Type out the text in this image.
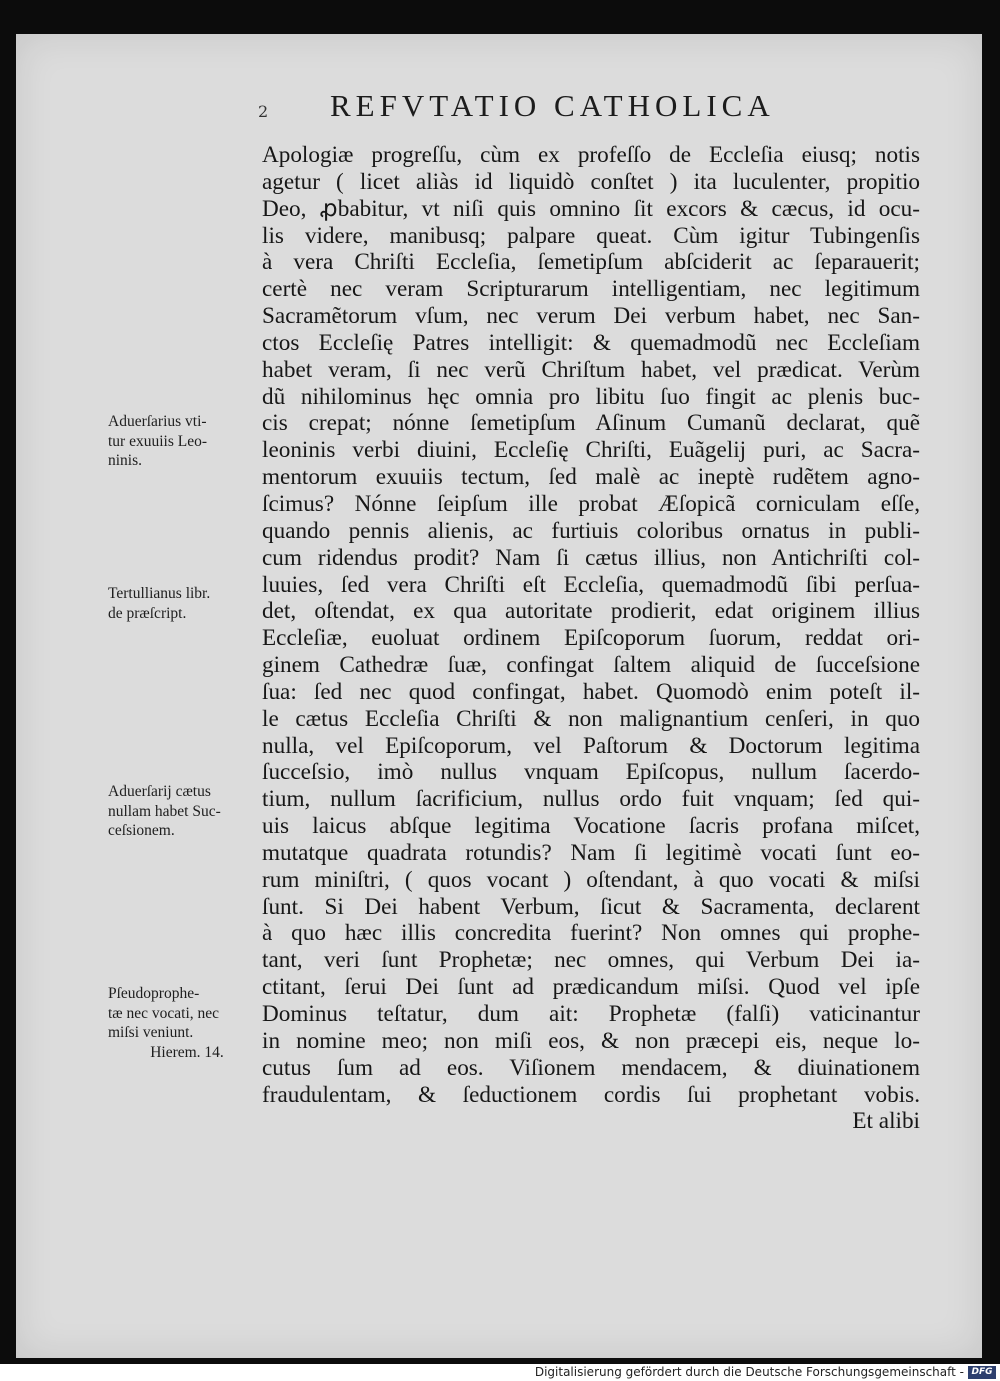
2 REFVTATIO CATHOLICA
Apologiæ progreſſu, cùm ex profeſſo de Eccleſia eiusq; notis
agetur ( licet aliàs id liquidò conſtet ) ita luculenter, propitio
Deo, ꝓbabitur, vt niſi quis omnino ſit excors & cæcus, id ocu-
lis videre, manibusq; palpare queat. Cùm igitur Tubingenſis
à vera Chriſti Eccleſia, ſemetipſum abſciderit ac ſeparauerit;
certè nec veram Scripturarum intelligentiam, nec legitimum
Sacramẽtorum vſum, nec verum Dei verbum habet, nec San-
ctos Eccleſię Patres intelligit: & quemadmodũ nec Eccleſiam
habet veram, ſi nec verũ Chriſtum habet, vel prædicat. Verùm
dũ nihilominus hęc omnia pro libitu ſuo fingit ac plenis buc-
cis crepat; nónne ſemetipſum Aſinum Cumanũ declarat, quẽ
leoninis verbi diuini, Eccleſię Chriſti, Euãgelij puri, ac Sacra-
mentorum exuuiis tectum, ſed malè ac ineptè rudẽtem agno-
ſcimus? Nónne ſeipſum ille probat Æſopicã corniculam eſſe,
quando pennis alienis, ac furtiuis coloribus ornatus in publi-
cum ridendus prodit? Nam ſi cætus illius, non Antichriſti col-
luuies, ſed vera Chriſti eſt Eccleſia, quemadmodũ ſibi perſua-
det, oſtendat, ex qua autoritate prodierit, edat originem illius
Eccleſiæ, euoluat ordinem Epiſcoporum ſuorum, reddat ori-
ginem Cathedræ ſuæ, confingat ſaltem aliquid de ſucceſsione
ſua: ſed nec quod confingat, habet. Quomodò enim poteſt il-
le cætus Eccleſia Chriſti & non malignantium cenſeri, in quo
nulla, vel Epiſcoporum, vel Paſtorum & Doctorum legitima
ſucceſsio, imò nullus vnquam Epiſcopus, nullum ſacerdo-
tium, nullum ſacrificium, nullus ordo fuit vnquam; ſed qui-
uis laicus abſque legitima Vocatione ſacris profana miſcet,
mutatque quadrata rotundis? Nam ſi legitimè vocati ſunt eo-
rum miniſtri, ( quos vocant ) oſtendant, à quo vocati & miſsi
ſunt. Si Dei habent Verbum, ſicut & Sacramenta, declarent
à quo hæc illis concredita fuerint? Non omnes qui prophe-
tant, veri ſunt Prophetæ; nec omnes, qui Verbum Dei ia-
ctitant, ſerui Dei ſunt ad prædicandum miſsi. Quod vel ipſe
Dominus teſtatur, dum ait: Prophetæ (falſi) vaticinantur
in nomine meo; non miſi eos, & non præcepi eis, neque lo-
cutus ſum ad eos. Viſionem mendacem, & diuinationem
fraudulentam, & ſeductionem cordis ſui prophetant vobis.
Et alibi
Aduerſarius vti-
tur exuuiis Leo-
ninis.
Tertullianus libr.
de præſcript.
Aduerſarij cætus
nullam habet Suc-
ceſsionem.
Pſeudoprophe-
tæ nec vocati, nec
miſsi veniunt.
Hierem. 14.
Digitalisierung gefördert durch die Deutsche Forschungsgemeinschaft - DFG
